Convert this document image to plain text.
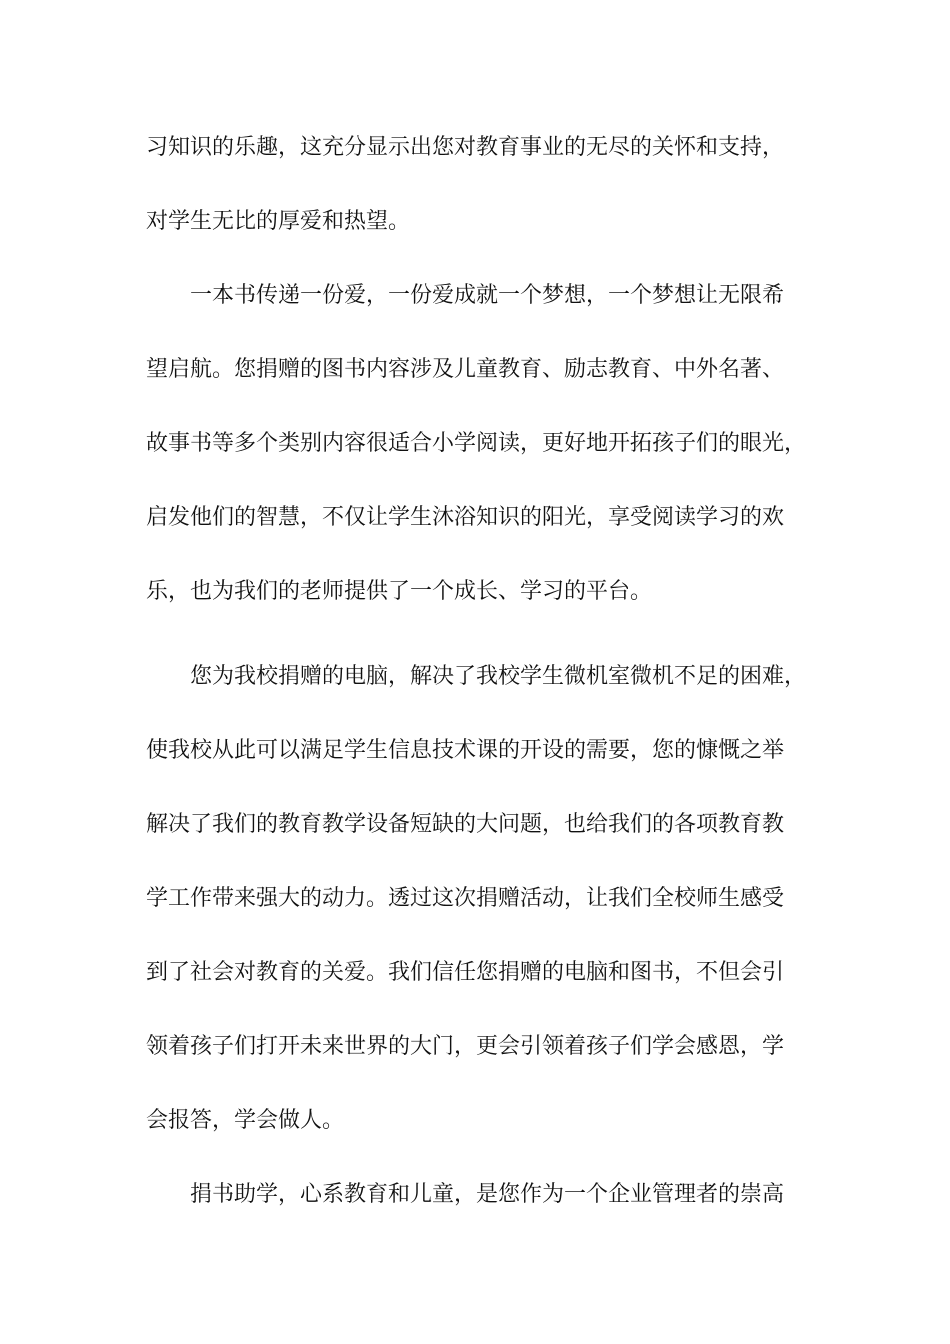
习知识的乐趣，这充分显示出您对教育事业的无尽的关怀和支持，
对学生无比的厚爱和热望。
一本书传递一份爱，一份爱成就一个梦想，一个梦想让无限希
望启航。您捐赠的图书内容涉及儿童教育、励志教育、中外名著、
故事书等多个类别内容很适合小学阅读，更好地开拓孩子们的眼光，
启发他们的智慧，不仅让学生沐浴知识的阳光，享受阅读学习的欢
乐，也为我们的老师提供了一个成长、学习的平台。
您为我校捐赠的电脑，解决了我校学生微机室微机不足的困难，
使我校从此可以满足学生信息技术课的开设的需要，您的慷慨之举
解决了我们的教育教学设备短缺的大问题，也给我们的各项教育教
学工作带来强大的动力。透过这次捐赠活动，让我们全校师生感受
到了社会对教育的关爱。我们信任您捐赠的电脑和图书，不但会引
领着孩子们打开未来世界的大门，更会引领着孩子们学会感恩，学
会报答，学会做人。
捐书助学，心系教育和儿童，是您作为一个企业管理者的崇高
